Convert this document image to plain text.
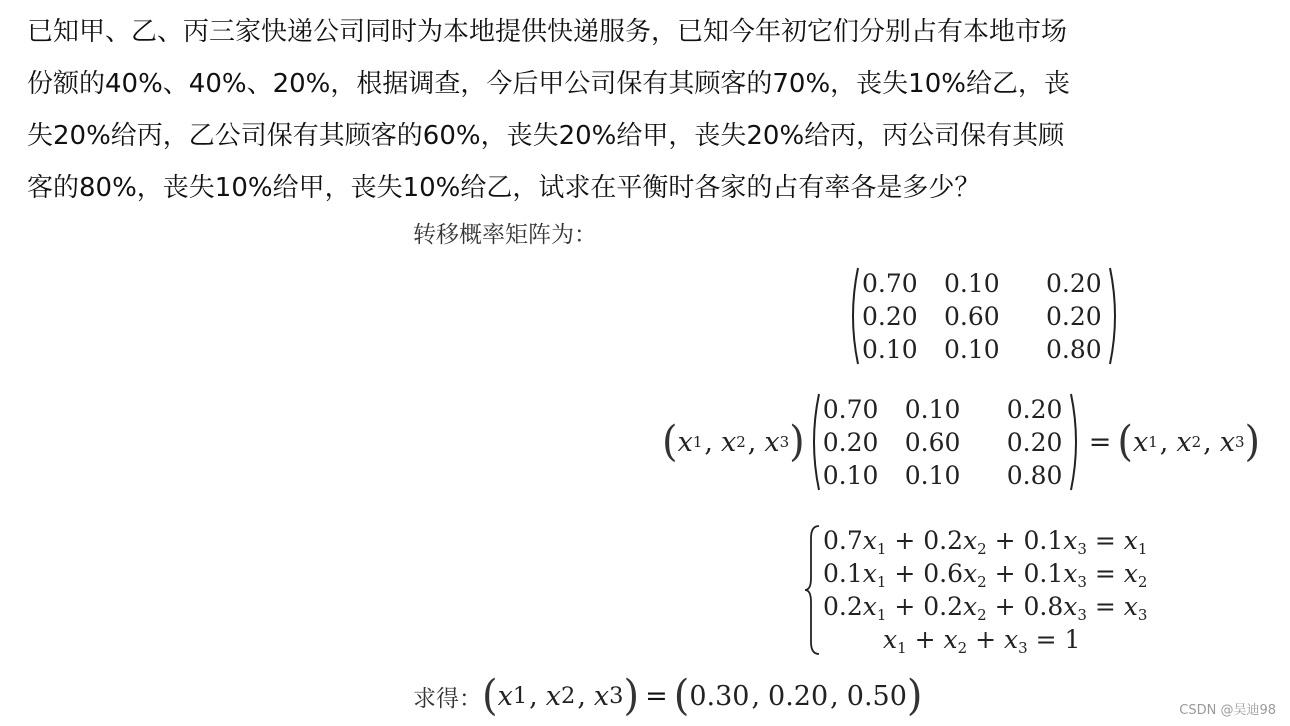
已知甲、乙、丙三家快递公司同时为本地提供快递服务，已知今年初它们分别占有本地市场
份额的40%、40%、20%，根据调查，今后甲公司保有其顾客的70%，丧失10%给乙，丧
失20%给丙，乙公司保有其顾客的60%，丧失20%给甲，丧失20%给丙，丙公司保有其顾
客的80%，丧失10%给甲，丧失10%给乙，试求在平衡时各家的占有率各是多少？
转移概率矩阵为：
0.70 0.10	0.20
0.20 0.60	0.20
0.10 0.10	0.80
( x 1 , x 2 , x 3 )
0.70 0.10	0.20
0.20 0.60	0.20
0.10 0.10	0.80
= ( x 1 , x 2 , x 3 )
$0.7x_1 + 0.2x_2 + 0.1x_3 = x_1$
$0.1x_1 + 0.6x_2 + 0.1x_3 = x_2$
$0.2x_1 + 0.2x_2 + 0.8x_3 = x_3$
$x_1 + x_2 + x_3 = 1$
求得： ( x 1 , x 2 , x 3 ) = ( 0.30 , 0.20 , 0.50 )	CSDN @吴迪98
